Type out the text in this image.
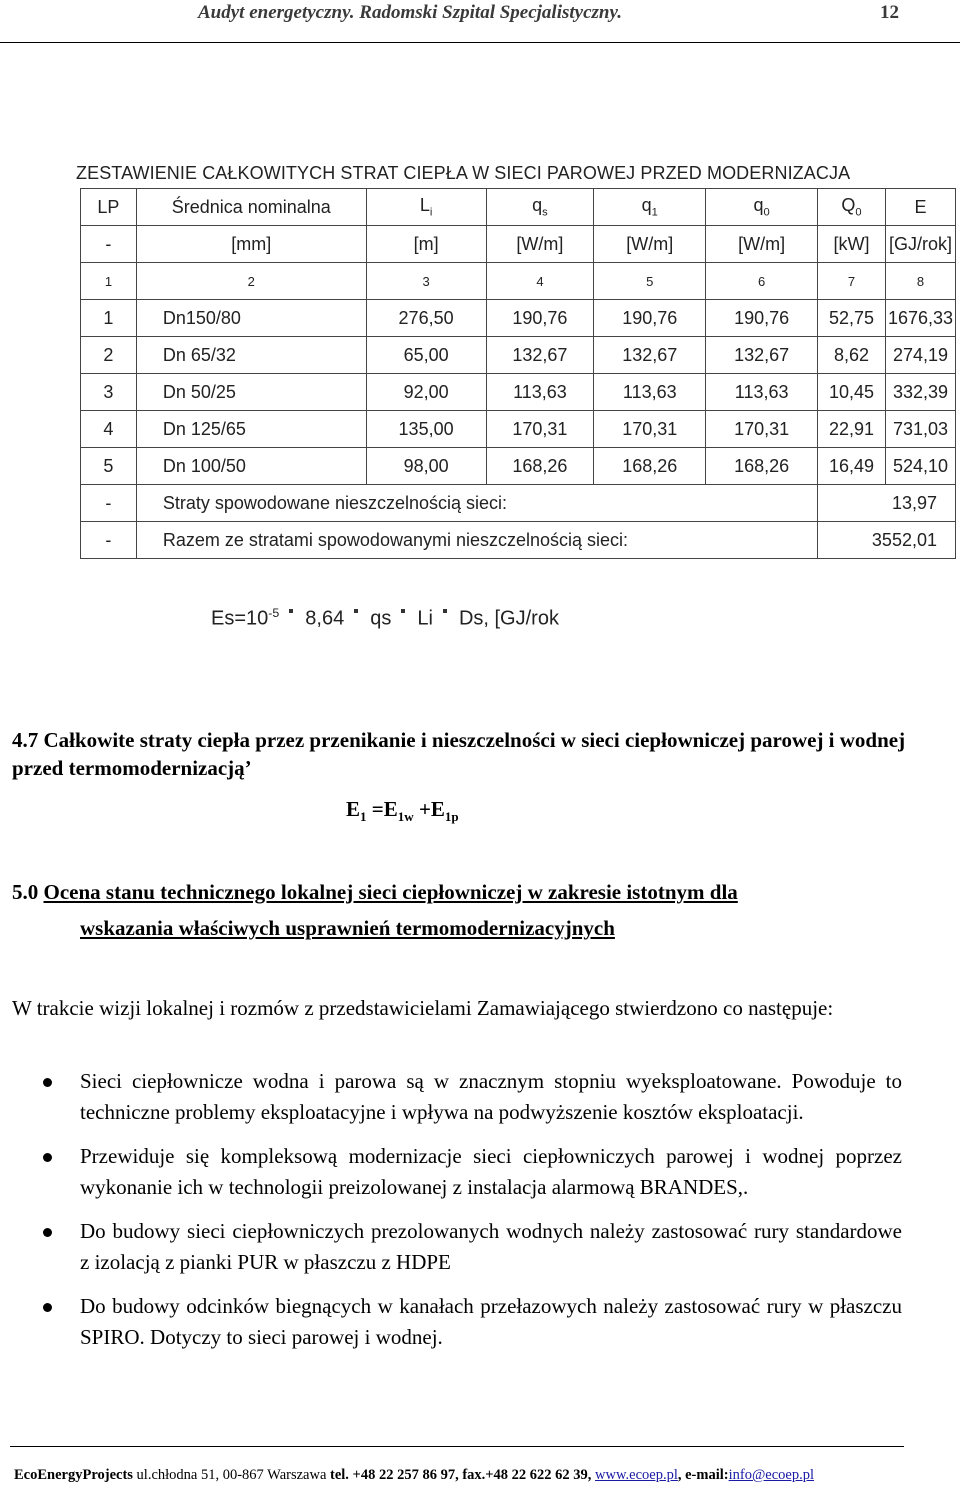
Audyt energetyczny. Radomski Szpital Specjalistyczny.	12
ZESTAWIENIE CAŁKOWITYCH STRAT CIEPŁA W SIECI PAROWEJ PRZED MODERNIZACJA
LP	Średnica nominalna	$L_i$	$q_s$	$q_1$	$q_0$	$Q_0$	E
-	[mm]	[m]	[W/m]	[W/m]	[W/m]	[kW]	[GJ/rok]
1	2	3	4	5	6	7	8
1	Dn150/80	276,50	190,76	190,76	190,76	52,75	1676,33
2	Dn 65/32	65,00	132,67	132,67	132,67	8,62	274,19
3	Dn 50/25	92,00	113,63	113,63	113,63	10,45	332,39
4	Dn 125/65	135,00	170,31	170,31	170,31	22,91	731,03
5	Dn 100/50	98,00	168,26	168,26	168,26	16,49	524,10
-	Straty spowodowane nieszczelnością sieci:					13,97	
-	Razem ze stratami spowodowanymi nieszczelnością sieci:					3552,01	
$Es=10^{-5}$ 8,64 qs Li Ds, [GJ/rok
4.7 Całkowite straty ciepła przez przenikanie i nieszczelności w sieci ciepłowniczej parowej i wodnej przed termomodernizacją’
$E_1 =E_{1w} +E_{1p}$
5.0 Ocena stanu technicznego lokalnej sieci ciepłowniczej w zakresie istotnym dla
wskazania właściwych usprawnień termomodernizacyjnych
W trakcie wizji lokalnej i rozmów z przedstawicielami Zamawiającego stwierdzono co następuje:
Sieci ciepłownicze wodna i parowa są w znacznym stopniu wyeksploatowane. Powoduje to techniczne problemy eksploatacyjne i wpływa na podwyższenie kosztów eksploatacji.
Przewiduje się kompleksową modernizacje sieci ciepłowniczych parowej i wodnej poprzez wykonanie ich w technologii preizolowanej z instalacja alarmową BRANDES,.
Do budowy sieci ciepłowniczych prezolowanych wodnych należy zastosować rury standardowe z izolacją z pianki PUR w płaszczu z HDPE
Do budowy odcinków biegnących w kanałach przełazowych należy zastosować rury w płaszczu SPIRO. Dotyczy to sieci parowej i wodnej.
EcoEnergyProjects ul.chłodna 51, 00-867 Warszawa tel. +48 22 257 86 97, fax.+48 22 622 62 39, www.ecoep.pl, e-mail:info@ecoep.pl
